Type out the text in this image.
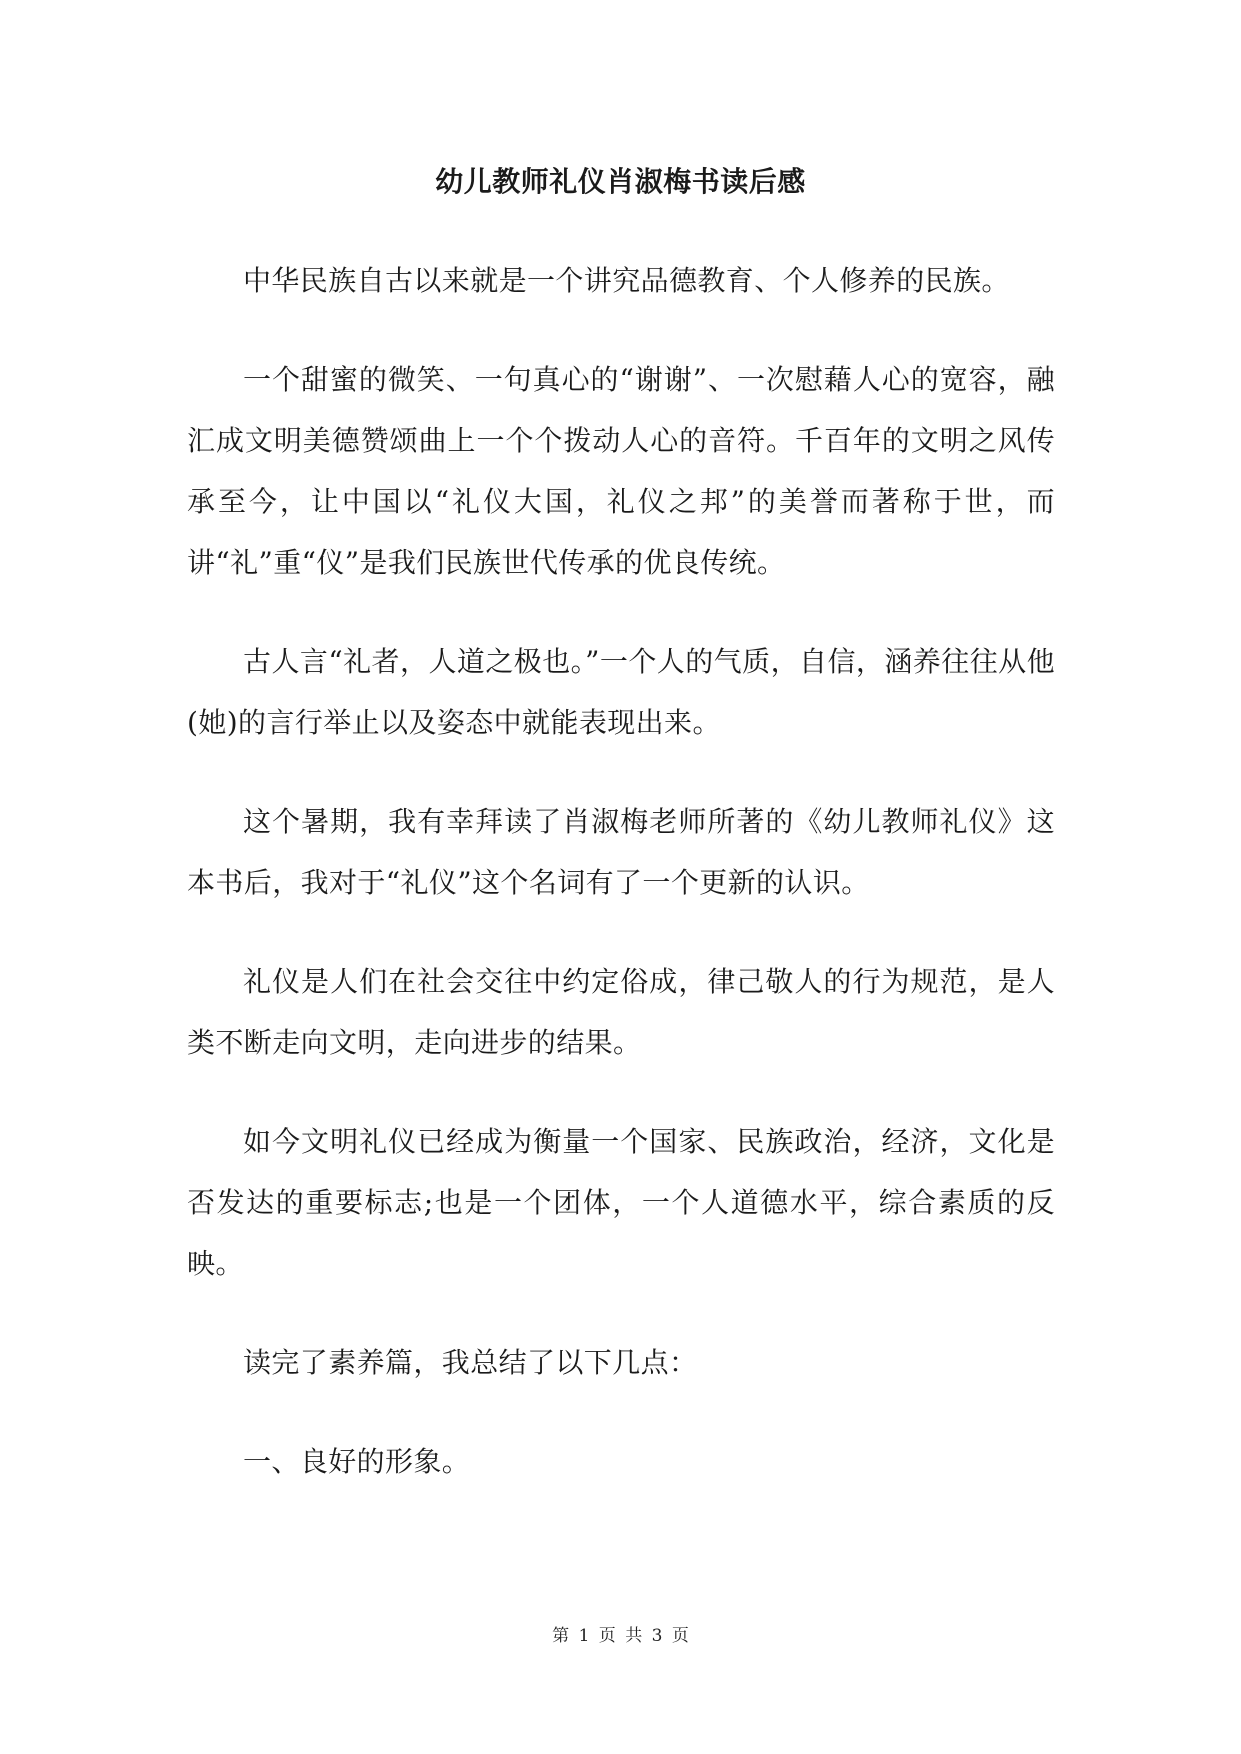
幼儿教师礼仪肖淑梅书读后感

中华民族自古以来就是一个讲究品德教育、个人修养的民族。

一个甜蜜的微笑、一句真心的“谢谢”、一次慰藉人心的宽容，融汇成文明美德赞颂曲上一个个拨动人心的音符。千百年的文明之风传承至今，让中国以“礼仪大国，礼仪之邦”的美誉而著称于世，而讲“礼”重“仪”是我们民族世代传承的优良传统。

古人言“礼者，人道之极也。”一个人的气质，自信，涵养往往从他(她)的言行举止以及姿态中就能表现出来。

这个暑期，我有幸拜读了肖淑梅老师所著的《幼儿教师礼仪》这本书后，我对于“礼仪”这个名词有了一个更新的认识。

礼仪是人们在社会交往中约定俗成，律己敬人的行为规范，是人类不断走向文明，走向进步的结果。

如今文明礼仪已经成为衡量一个国家、民族政治，经济，文化是否发达的重要标志;也是一个团体，一个人道德水平，综合素质的反映。

读完了素养篇，我总结了以下几点：

一、良好的形象。

第 1 页 共 3 页
